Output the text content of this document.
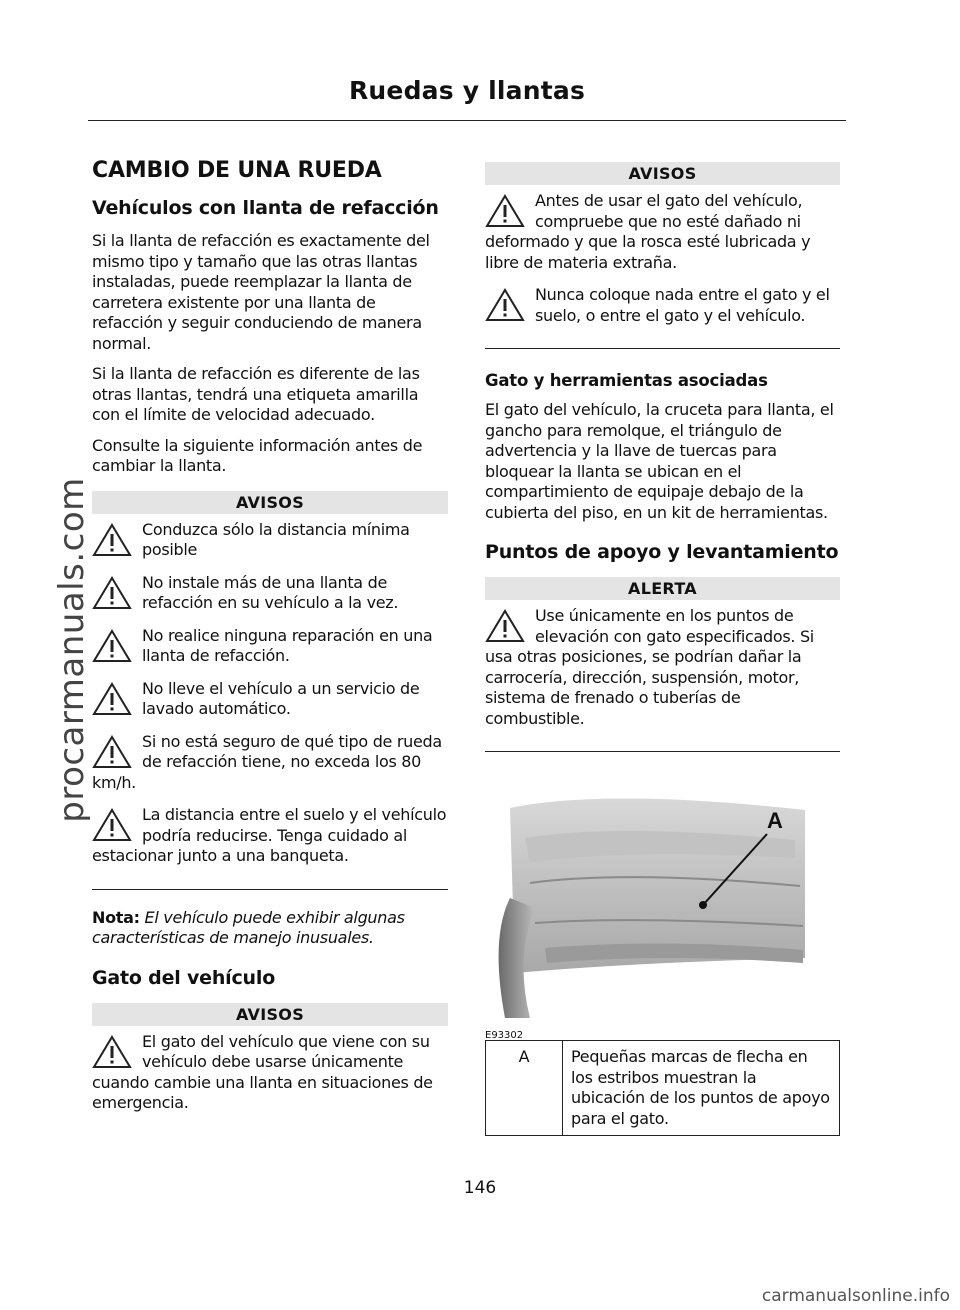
Ruedas y llantas
procarmanuals.com
CAMBIO DE UNA RUEDA
Vehículos con llanta de refacción

Si la llanta de refacción es exactamente del mismo tipo y tamaño que las otras llantas instaladas, puede reemplazar la llanta de carretera existente por una llanta de refacción y seguir conduciendo de manera normal.

Si la llanta de refacción es diferente de las otras llantas, tendrá una etiqueta amarilla con el límite de velocidad adecuado.

Consulte la siguiente información antes de cambiar la llanta.

AVISOS
Conduzca sólo la distancia mínima posible
No instale más de una llanta de refacción en su vehículo a la vez.
No realice ninguna reparación en una llanta de refacción.
No lleve el vehículo a un servicio de lavado automático.
Si no está seguro de qué tipo de rueda de refacción tiene, no exceda los 80 km/h.
La distancia entre el suelo y el vehículo podría reducirse. Tenga cuidado al estacionar junto a una banqueta.
Nota: El vehículo puede exhibir algunas características de manejo inusuales.
Gato del vehículo
AVISOS
El gato del vehículo que viene con su vehículo debe usarse únicamente cuando cambie una llanta en situaciones de emergencia.
AVISOS
Antes de usar el gato del vehículo, compruebe que no esté dañado ni deformado y que la rosca esté lubricada y libre de materia extraña.
Nunca coloque nada entre el gato y el suelo, o entre el gato y el vehículo.
Gato y herramientas asociadas

El gato del vehículo, la cruceta para llanta, el gancho para remolque, el triángulo de advertencia y la llave de tuercas para bloquear la llanta se ubican en el compartimiento de equipaje debajo de la cubierta del piso, en un kit de herramientas.

Puntos de apoyo y levantamiento
ALERTA
Use únicamente en los puntos de elevación con gato especificados. Si usa otras posiciones, se podrían dañar la carrocería, dirección, suspensión, motor, sistema de frenado o tuberías de combustible.
A
E93302
A	Pequeñas marcas de flecha en los estribos muestran la ubicación de los puntos de apoyo para el gato.
146
carmanualsonline.info
